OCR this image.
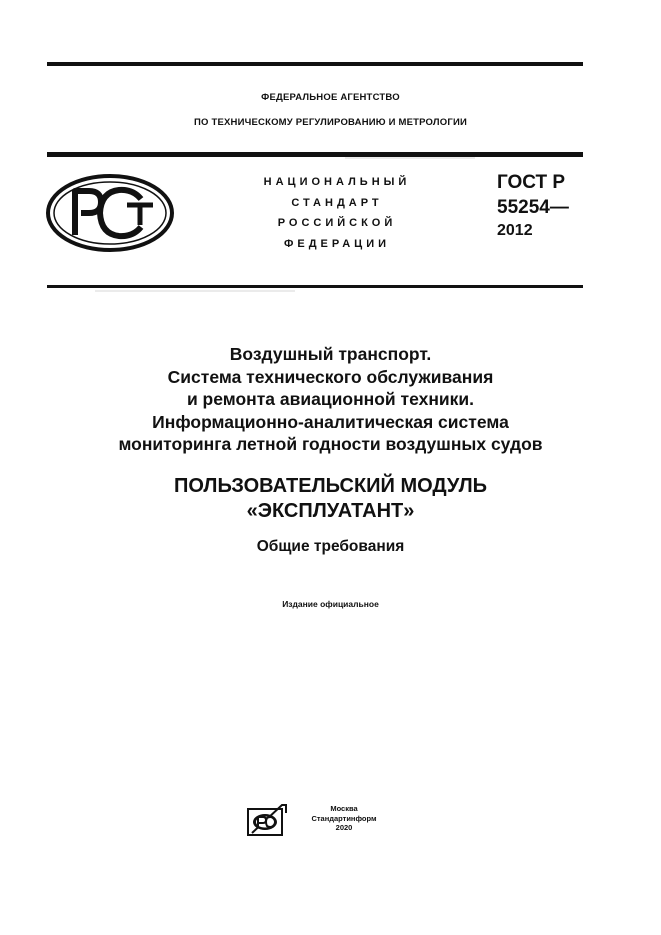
ФЕДЕРАЛЬНОЕ АГЕНТСТВО
ПО ТЕХНИЧЕСКОМУ РЕГУЛИРОВАНИЮ И МЕТРОЛОГИИ
НАЦИОНАЛЬНЫЙ
СТАНДАРТ
РОССИЙСКОЙ
ФЕДЕРАЦИИ
ГОСТ Р
55254—
2012
Воздушный транспорт.
Система технического обслуживания
и ремонта авиационной техники.
Информационно-аналитическая система
мониторинга летной годности воздушных судов
ПОЛЬЗОВАТЕЛЬСКИЙ МОДУЛЬ
«ЭКСПЛУАТАНТ»
Общие требования
Издание официальное
Москва
Стандартинформ
2020
